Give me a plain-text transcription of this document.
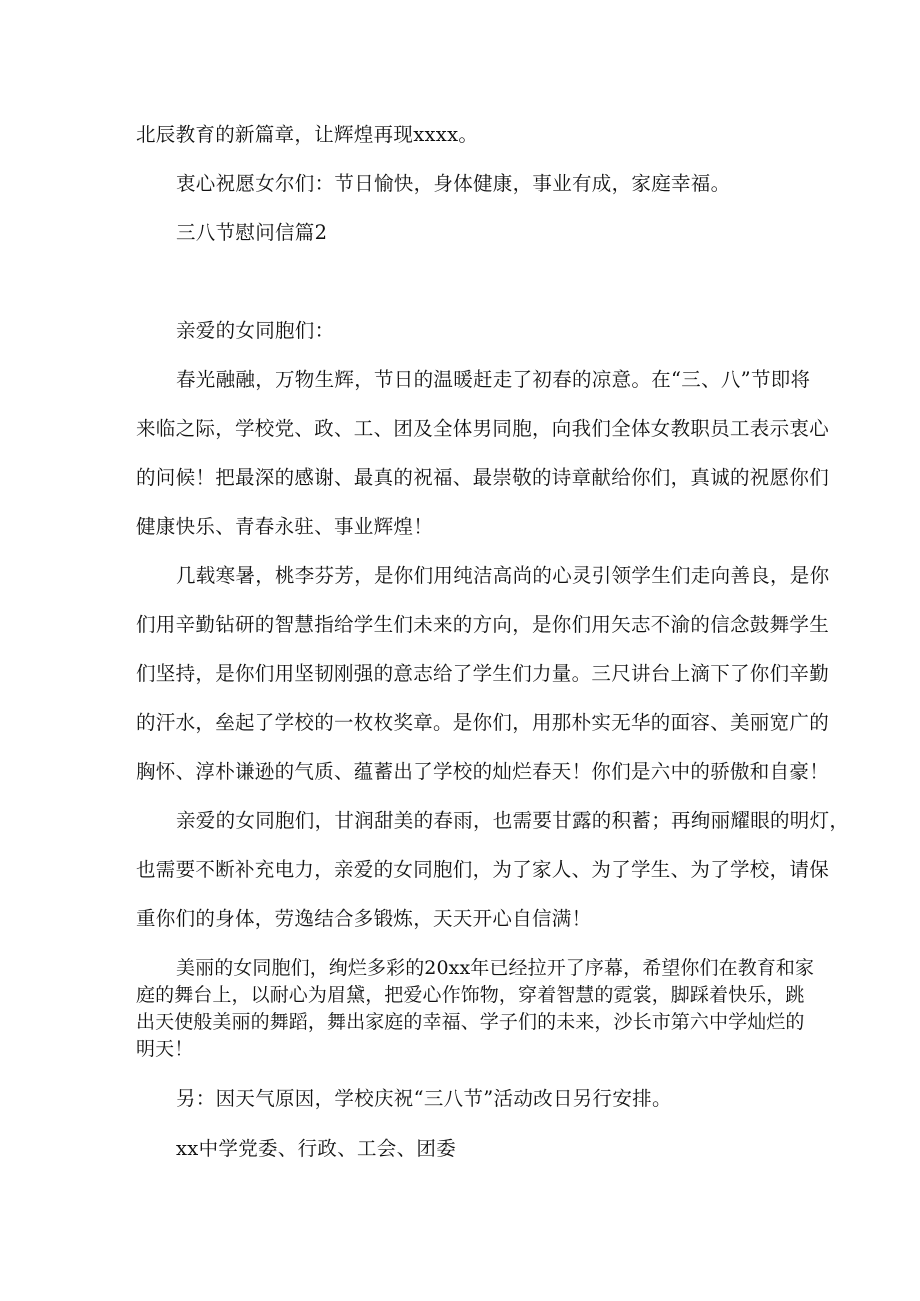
北辰教育的新篇章，让辉煌再现xxxx。
衷心祝愿女尔们：节日愉快，身体健康，事业有成，家庭幸福。
三八节慰问信篇2
亲爱的女同胞们：
春光融融，万物生辉，节日的温暖赶走了初春的凉意。在“三、八”节即将
来临之际，学校党、政、工、团及全体男同胞，向我们全体女教职员工表示衷心
的问候！把最深的感谢、最真的祝福、最崇敬的诗章献给你们，真诚的祝愿你们
健康快乐、青春永驻、事业辉煌！
几载寒暑，桃李芬芳，是你们用纯洁高尚的心灵引领学生们走向善良，是你
们用辛勤钻研的智慧指给学生们未来的方向，是你们用矢志不渝的信念鼓舞学生
们坚持，是你们用坚韧刚强的意志给了学生们力量。三尺讲台上滴下了你们辛勤
的汗水，垒起了学校的一枚枚奖章。是你们，用那朴实无华的面容、美丽宽广的
胸怀、淳朴谦逊的气质、蕴蓄出了学校的灿烂春天！你们是六中的骄傲和自豪！
亲爱的女同胞们，甘润甜美的春雨，也需要甘露的积蓄；再绚丽耀眼的明灯，
也需要不断补充电力，亲爱的女同胞们，为了家人、为了学生、为了学校，请保
重你们的身体，劳逸结合多锻炼，天天开心自信满！
美丽的女同胞们，绚烂多彩的20xx年已经拉开了序幕，希望你们在教育和家
庭的舞台上，以耐心为眉黛，把爱心作饰物，穿着智慧的霓裳，脚踩着快乐，跳
出天使般美丽的舞蹈，舞出家庭的幸福、学子们的未来，沙长市第六中学灿烂的
明天！
另：因天气原因，学校庆祝“三八节”活动改日另行安排。
xx中学党委、行政、工会、团委
